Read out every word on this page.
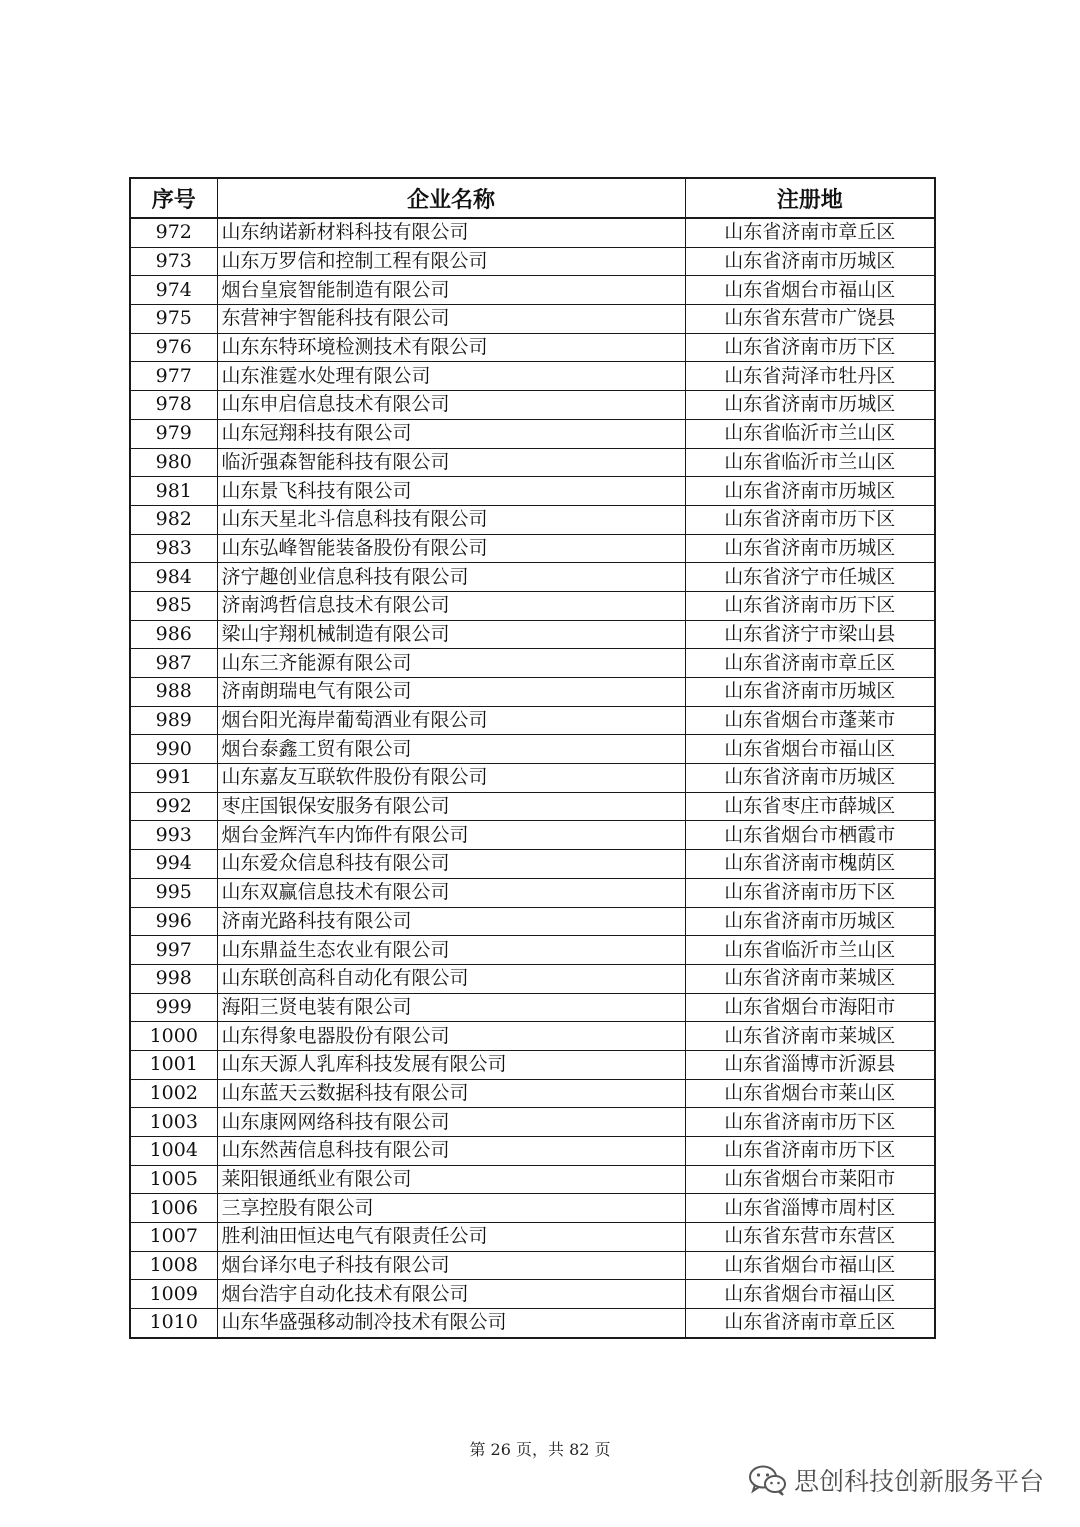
序号	企业名称	注册地
972	山东纳诺新材料科技有限公司	山东省济南市章丘区
973	山东万罗信和控制工程有限公司	山东省济南市历城区
974	烟台皇宸智能制造有限公司	山东省烟台市福山区
975	东营神宇智能科技有限公司	山东省东营市广饶县
976	山东东特环境检测技术有限公司	山东省济南市历下区
977	山东淮霆水处理有限公司	山东省菏泽市牡丹区
978	山东申启信息技术有限公司	山东省济南市历城区
979	山东冠翔科技有限公司	山东省临沂市兰山区
980	临沂强森智能科技有限公司	山东省临沂市兰山区
981	山东景飞科技有限公司	山东省济南市历城区
982	山东天星北斗信息科技有限公司	山东省济南市历下区
983	山东弘峰智能装备股份有限公司	山东省济南市历城区
984	济宁趣创业信息科技有限公司	山东省济宁市任城区
985	济南鸿哲信息技术有限公司	山东省济南市历下区
986	梁山宇翔机械制造有限公司	山东省济宁市梁山县
987	山东三齐能源有限公司	山东省济南市章丘区
988	济南朗瑞电气有限公司	山东省济南市历城区
989	烟台阳光海岸葡萄酒业有限公司	山东省烟台市蓬莱市
990	烟台泰鑫工贸有限公司	山东省烟台市福山区
991	山东嘉友互联软件股份有限公司	山东省济南市历城区
992	枣庄国银保安服务有限公司	山东省枣庄市薛城区
993	烟台金辉汽车内饰件有限公司	山东省烟台市栖霞市
994	山东爱众信息科技有限公司	山东省济南市槐荫区
995	山东双赢信息技术有限公司	山东省济南市历下区
996	济南光路科技有限公司	山东省济南市历城区
997	山东鼎益生态农业有限公司	山东省临沂市兰山区
998	山东联创高科自动化有限公司	山东省济南市莱城区
999	海阳三贤电装有限公司	山东省烟台市海阳市
1000	山东得象电器股份有限公司	山东省济南市莱城区
1001	山东天源人乳库科技发展有限公司	山东省淄博市沂源县
1002	山东蓝天云数据科技有限公司	山东省烟台市莱山区
1003	山东康网网络科技有限公司	山东省济南市历下区
1004	山东然茜信息科技有限公司	山东省济南市历下区
1005	莱阳银通纸业有限公司	山东省烟台市莱阳市
1006	三享控股有限公司	山东省淄博市周村区
1007	胜利油田恒达电气有限责任公司	山东省东营市东营区
1008	烟台译尔电子科技有限公司	山东省烟台市福山区
1009	烟台浩宇自动化技术有限公司	山东省烟台市福山区
1010	山东华盛强移动制冷技术有限公司	山东省济南市章丘区
第 26 页，共 82 页
思创科技创新服务平台
